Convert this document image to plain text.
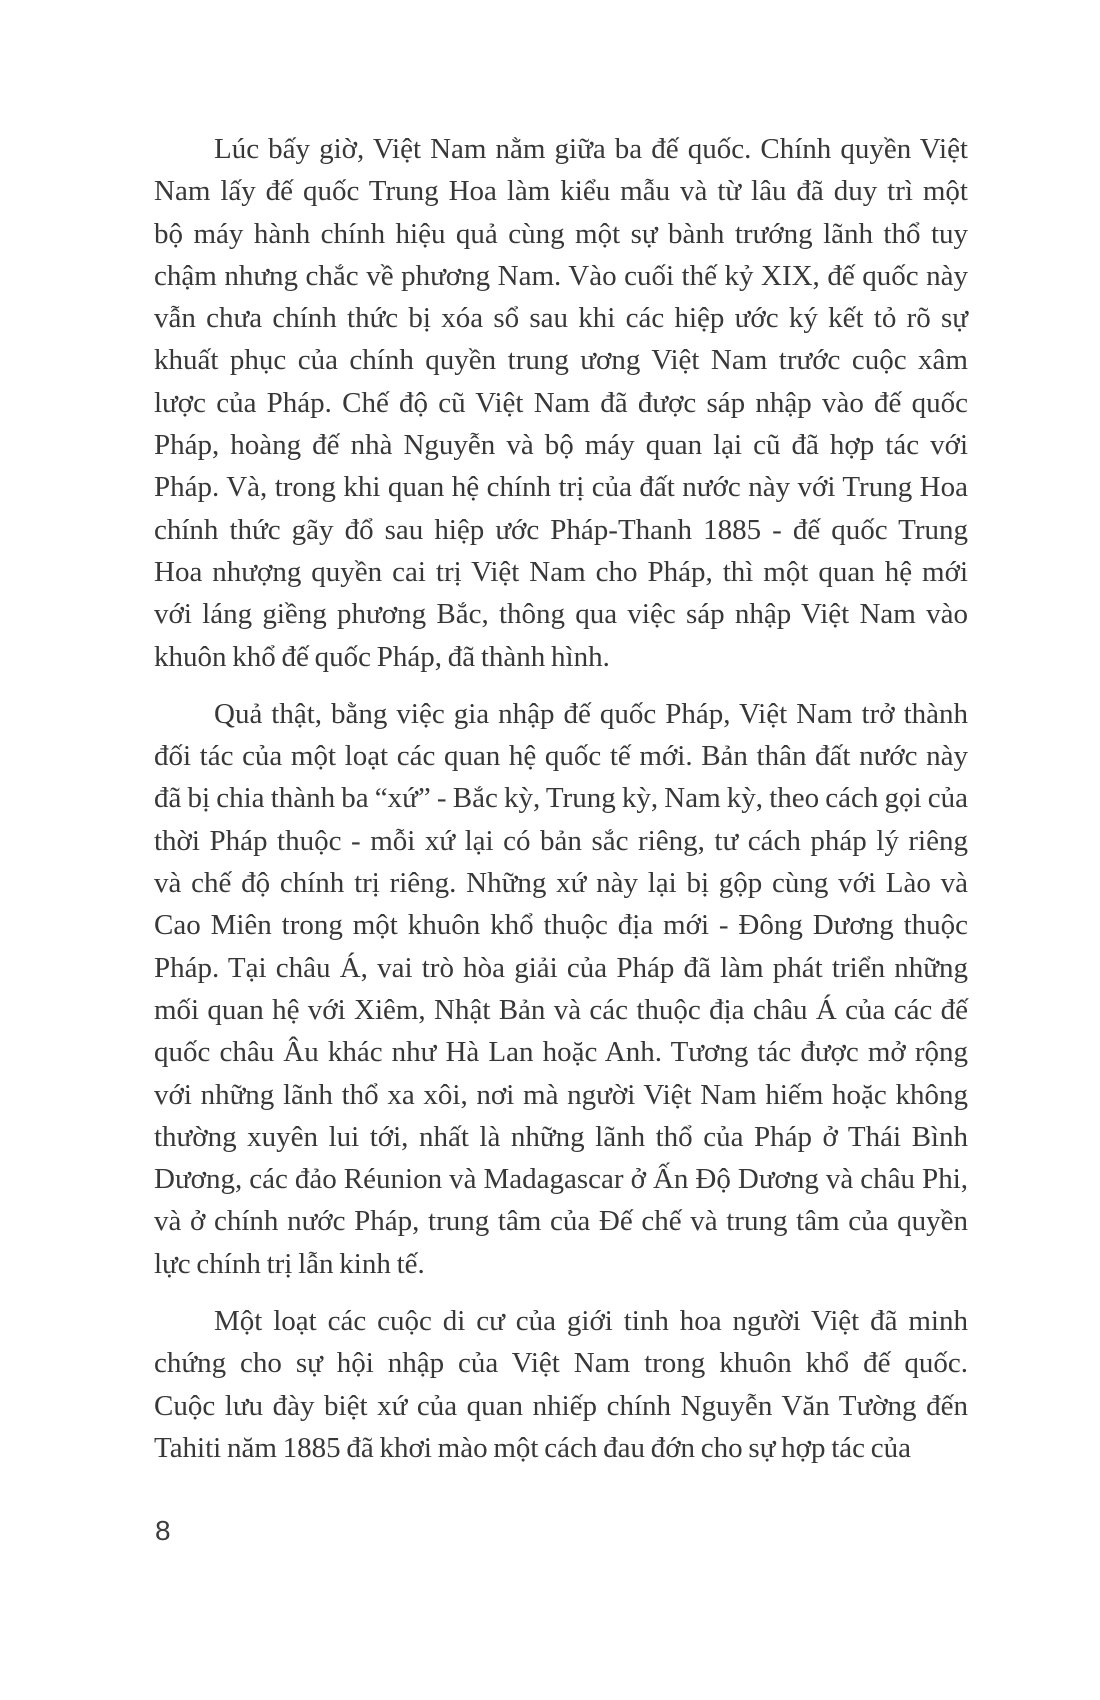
Lúc bấy giờ, Việt Nam nằm giữa ba đế quốc. Chính quyền Việt
Nam lấy đế quốc Trung Hoa làm kiểu mẫu và từ lâu đã duy trì một
bộ máy hành chính hiệu quả cùng một sự bành trướng lãnh thổ tuy
chậm nhưng chắc về phương Nam. Vào cuối thế kỷ XIX, đế quốc này
vẫn chưa chính thức bị xóa sổ sau khi các hiệp ước ký kết tỏ rõ sự
khuất phục của chính quyền trung ương Việt Nam trước cuộc xâm
lược của Pháp. Chế độ cũ Việt Nam đã được sáp nhập vào đế quốc
Pháp, hoàng đế nhà Nguyễn và bộ máy quan lại cũ đã hợp tác với
Pháp. Và, trong khi quan hệ chính trị của đất nước này với Trung Hoa
chính thức gãy đổ sau hiệp ước Pháp-Thanh 1885 - đế quốc Trung
Hoa nhượng quyền cai trị Việt Nam cho Pháp, thì một quan hệ mới
với láng giềng phương Bắc, thông qua việc sáp nhập Việt Nam vào
khuôn khổ đế quốc Pháp, đã thành hình.

Quả thật, bằng việc gia nhập đế quốc Pháp, Việt Nam trở thành
đối tác của một loạt các quan hệ quốc tế mới. Bản thân đất nước này
đã bị chia thành ba “xứ” - Bắc kỳ, Trung kỳ, Nam kỳ, theo cách gọi của
thời Pháp thuộc - mỗi xứ lại có bản sắc riêng, tư cách pháp lý riêng
và chế độ chính trị riêng. Những xứ này lại bị gộp cùng với Lào và
Cao Miên trong một khuôn khổ thuộc địa mới - Đông Dương thuộc
Pháp. Tại châu Á, vai trò hòa giải của Pháp đã làm phát triển những
mối quan hệ với Xiêm, Nhật Bản và các thuộc địa châu Á của các đế
quốc châu Âu khác như Hà Lan hoặc Anh. Tương tác được mở rộng
với những lãnh thổ xa xôi, nơi mà người Việt Nam hiếm hoặc không
thường xuyên lui tới, nhất là những lãnh thổ của Pháp ở Thái Bình
Dương, các đảo Réunion và Madagascar ở Ấn Độ Dương và châu Phi,
và ở chính nước Pháp, trung tâm của Đế chế và trung tâm của quyền
lực chính trị lẫn kinh tế.

Một loạt các cuộc di cư của giới tinh hoa người Việt đã minh
chứng cho sự hội nhập của Việt Nam trong khuôn khổ đế quốc.
Cuộc lưu đày biệt xứ của quan nhiếp chính Nguyễn Văn Tường đến
Tahiti năm 1885 đã khơi mào một cách đau đớn cho sự hợp tác của

8
